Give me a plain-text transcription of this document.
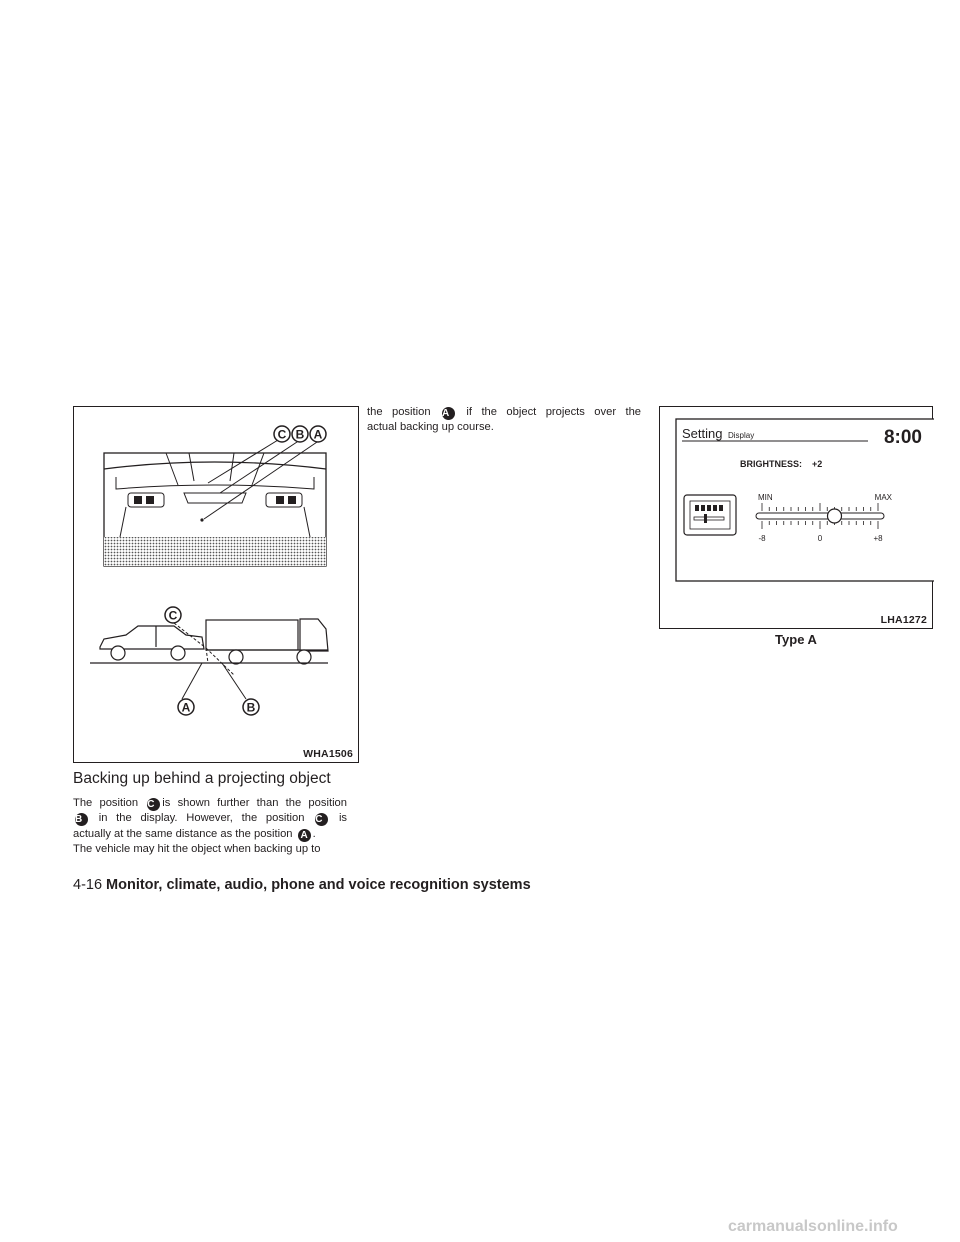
C B A
C
A	B
WHA1506
Setting Display	8:00
BRIGHTNESS: +2
MIN	MAX
-8	0	+8
LHA1272
Type A
Backing up behind a projecting object
The position C is shown further than the position
B in the display. However, the position C is
actually at the same distance as the position A .
The vehicle may hit the object when backing up to
the position A if the object projects over the
actual backing up course.
4-16 Monitor, climate, audio, phone and voice recognition systems
carmanualsonline.info
